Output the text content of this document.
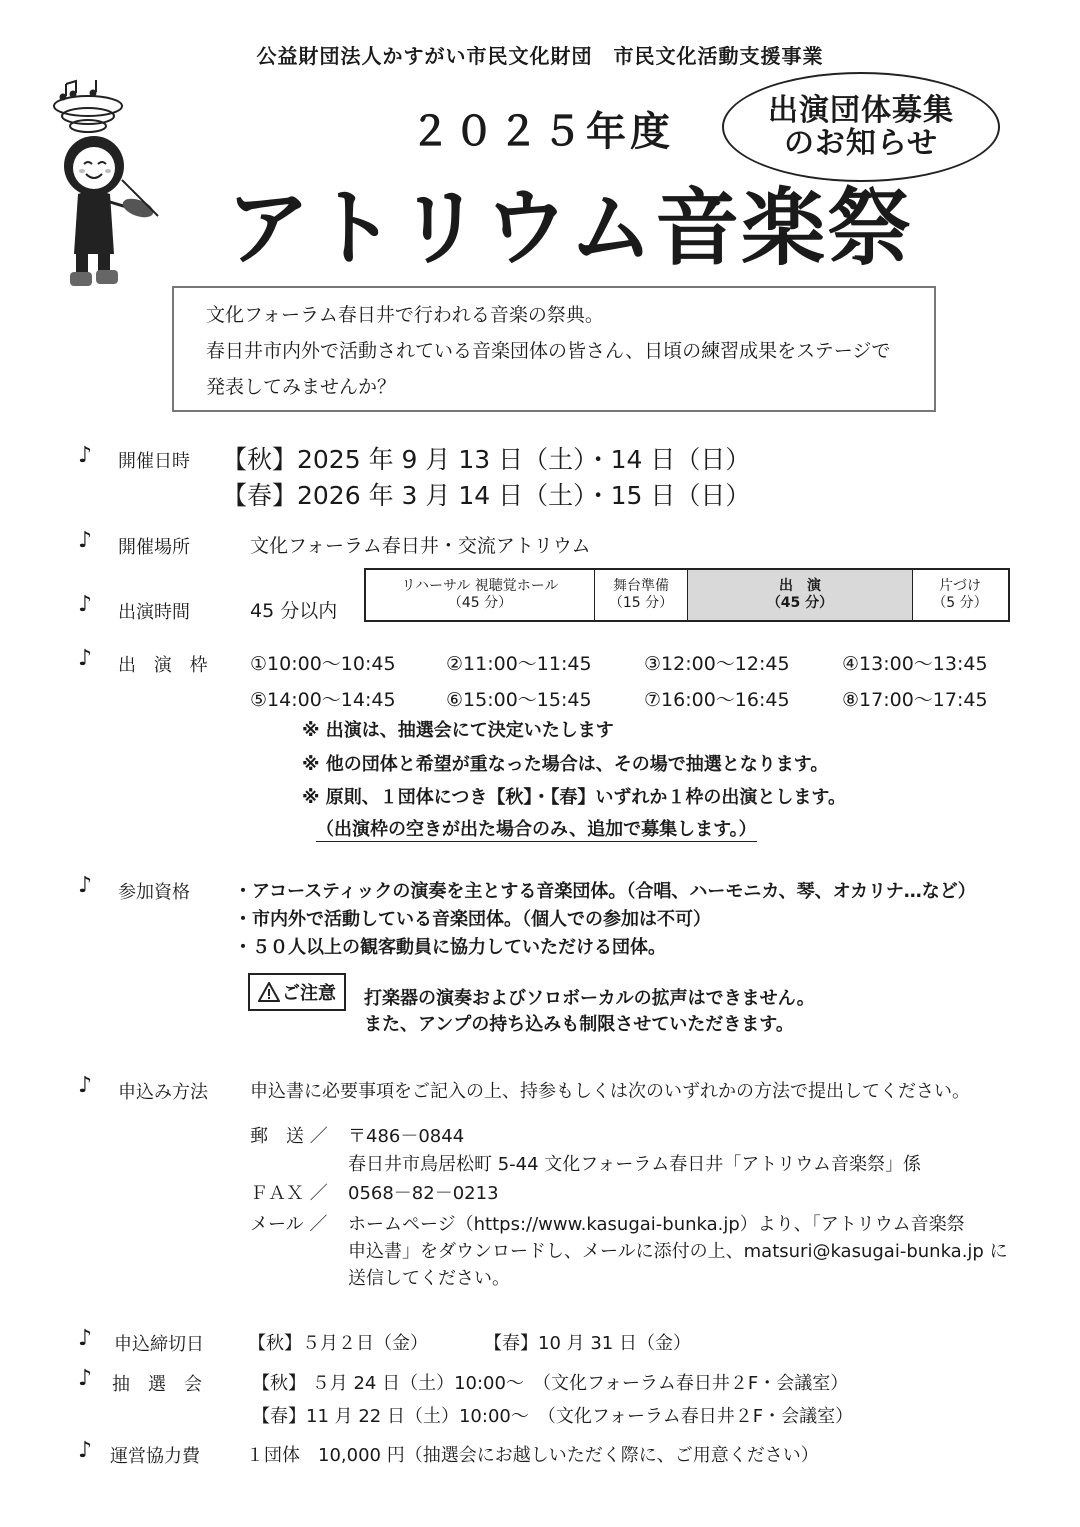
公益財団法人かすがい市民文化財団　市民文化活動支援事業
２０２５年度	出演団体募集
のお知らせ
アトリウム音楽祭
文化フォーラム春日井で行われる音楽の祭典。
春日井市内外で活動されている音楽団体の皆さん、日頃の練習成果をステージで
発表してみませんか？
♪ 開催日時 【秋】2025 年 9 月 13 日（土）・14 日（日）
【春】2026 年 3 月 14 日（土）・15 日（日）
♪ 開催場所	文化フォーラム春日井・交流アトリウム
♪ 出演時間	45 分以内
リハーサル 視聴覚ホール
（45 分）
舞台準備
（15 分）
出　演
（45 分）
片づけ
（5 分）
♪ 出 演 枠 ①10:00～10:45	②11:00～11:45	③12:00～12:45	④13:00～13:45
⑤14:00～14:45	⑥15:00～15:45	⑦16:00～16:45	⑧17:00～17:45
※ 出演は、抽選会にて決定いたします
※ 他の団体と希望が重なった場合は、その場で抽選となります。
※ 原則、１団体につき【秋】・【春】いずれか１枠の出演とします。
（出演枠の空きが出た場合のみ、追加で募集します。）
♪ 参加資格 ・アコースティックの演奏を主とする音楽団体。（合唱、ハーモニカ、琴、オカリナ…など）
・市内外で活動している音楽団体。（個人での参加は不可）
・５０人以上の観客動員に協力していただける団体。
ご注意 打楽器の演奏およびソロボーカルの拡声はできません。
また、アンプの持ち込みも制限させていただきます。
♪ 申込み方法 申込書に必要事項をご記入の上、持参もしくは次のいずれかの方法で提出してください。
郵　送 ／ 〒486－0844
春日井市鳥居松町 5-44 文化フォーラム春日井「アトリウム音楽祭」係
ＦＡＸ ／ 0568－82－0213
メール ／ ホームページ（https://www.kasugai-bunka.jp）より、「アトリウム音楽祭
申込書」をダウンロードし、メールに添付の上、matsuri@kasugai-bunka.jp に
送信してください。
♪ 申込締切日 【秋】５月２日（金）	【春】10 月 31 日（金）
♪ 抽　選　会	【秋】 ５月 24 日（土）10:00～　（文化フォーラム春日井２F・会議室）
【春】11 月 22 日（土）10:00～　（文化フォーラム春日井２F・会議室）
♪ 運営協力費	１団体　10,000 円（抽選会にお越しいただく際に、ご用意ください）
